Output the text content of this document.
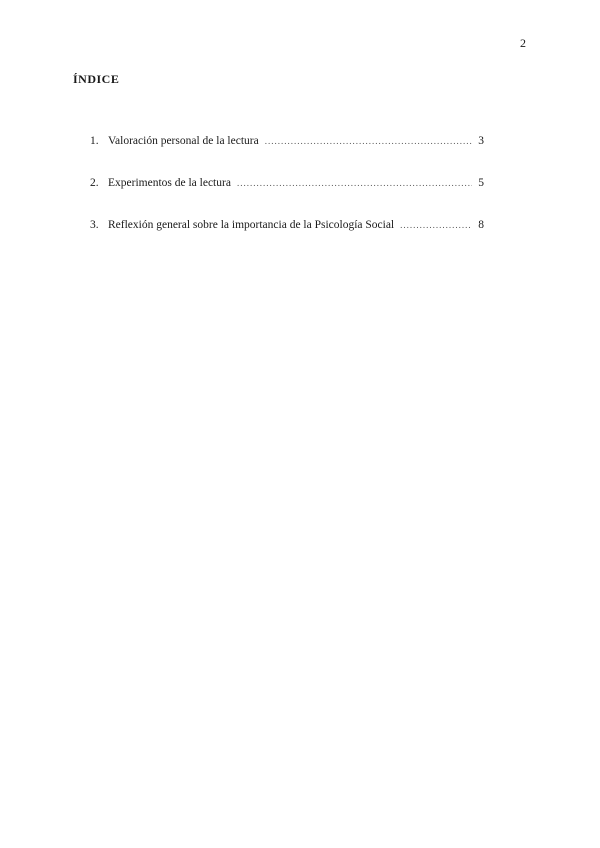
2
ÍNDICE
1. Valoración personal de la lectura .....	3
2. Experimentos de la lectura .....	5
3. Reflexión general sobre la importancia de la Psicología Social .....	8
